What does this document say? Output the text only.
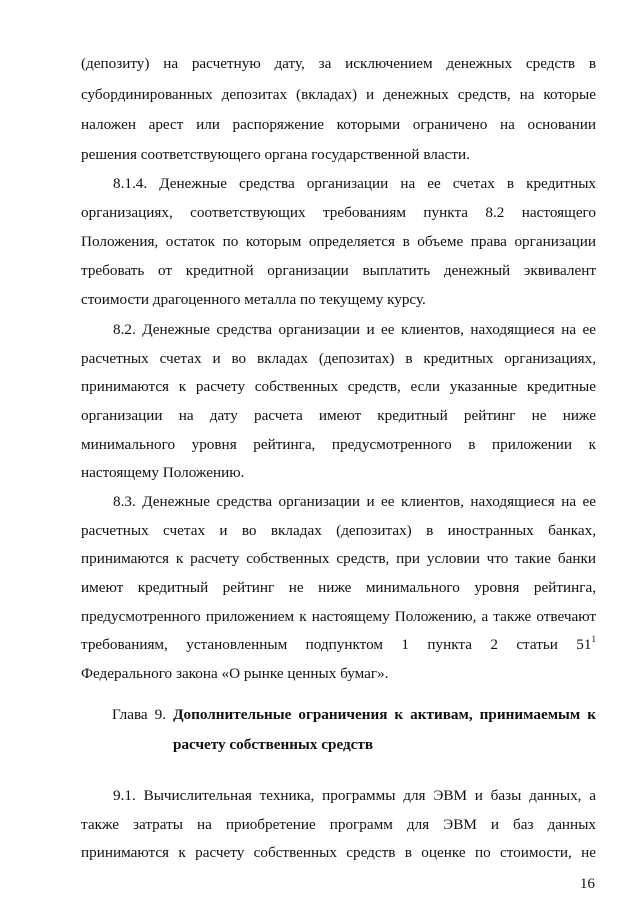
(депозиту) на расчетную дату, за исключением денежных средств в
субординированных депозитах (вкладах) и денежных средств, на которые
наложен арест или распоряжение которыми ограничено на основании
решения соответствующего органа государственной власти.
8.1.4. Денежные средства организации на ее счетах в кредитных
организациях, соответствующих требованиям пункта 8.2 настоящего
Положения, остаток по которым определяется в объеме права организации
требовать от кредитной организации выплатить денежный эквивалент
стоимости драгоценного металла по текущему курсу.
8.2. Денежные средства организации и ее клиентов, находящиеся на ее
расчетных счетах и во вкладах (депозитах) в кредитных организациях,
принимаются к расчету собственных средств, если указанные кредитные
организации на дату расчета имеют кредитный рейтинг не ниже
минимального уровня рейтинга, предусмотренного в приложении к
настоящему Положению.
8.3. Денежные средства организации и ее клиентов, находящиеся на ее
расчетных счетах и во вкладах (депозитах) в иностранных банках,
принимаются к расчету собственных средств, при условии что такие банки
имеют кредитный рейтинг не ниже минимального уровня рейтинга,
предусмотренного приложением к настоящему Положению, а также отвечают
требованиям, установленным подпунктом 1 пункта 2 статьи $51^1$
Федерального закона «О рынке ценных бумаг».
9.1. Вычислительная техника, программы для ЭВМ и базы данных, а
также затраты на приобретение программ для ЭВМ и баз данных
принимаются к расчету собственных средств в оценке по стоимости, не
Глава 9. Дополнительные ограничения к активам, принимаемым к
расчету собственных средств
16
